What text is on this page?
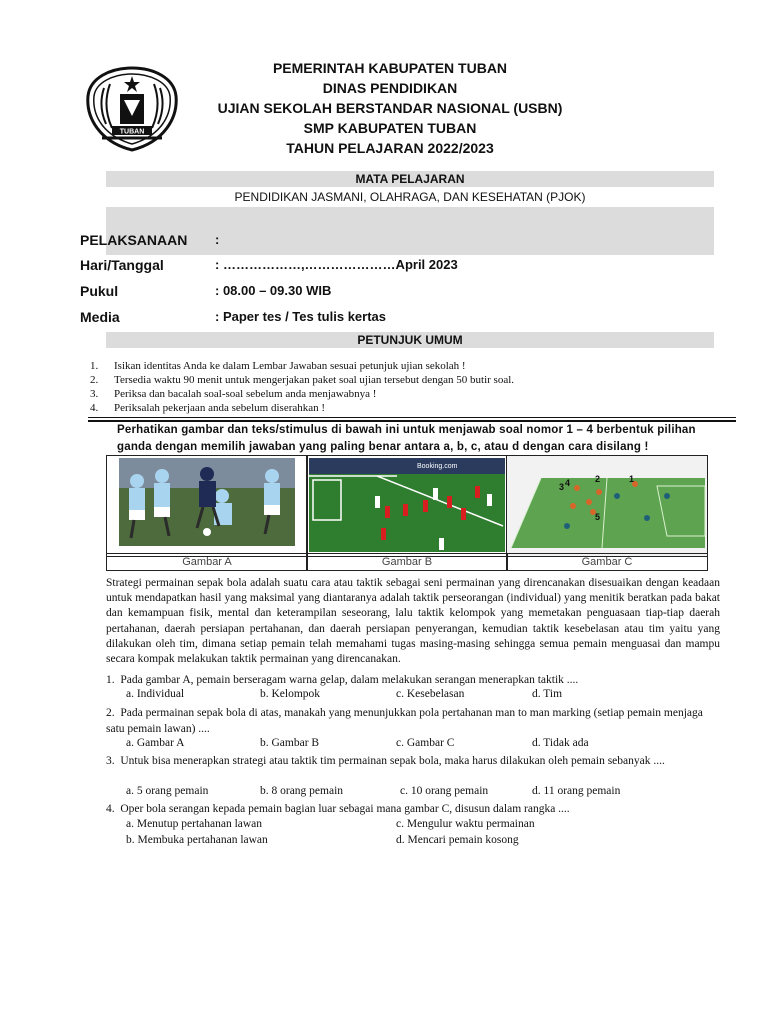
TUBAN
PEMERINTAH KABUPATEN TUBAN
DINAS PENDIDIKAN
UJIAN SEKOLAH BERSTANDAR NASIONAL (USBN)
SMP KABUPATEN TUBAN
TAHUN PELAJARAN 2022/2023
MATA PELAJARAN
PENDIDIKAN JASMANI, OLAHRAGA, DAN KESEHATAN (PJOK)
PELAKSANAAN :
Hari/Tanggal	: ………………,…………………April 2023
Pukul	: 08.00 – 09.30 WIB
Media	: Paper tes / Tes tulis kertas
PETUNJUK UMUM
1. Isikan identitas Anda ke dalam Lembar Jawaban sesuai petunjuk ujian sekolah !
2. Tersedia waktu 90 menit untuk mengerjakan paket soal ujian tersebut dengan 50 butir soal.
3. Periksa dan bacalah soal-soal sebelum anda menjawabnya !
4. Periksalah pekerjaan anda sebelum diserahkan !
Perhatikan gambar dan teks/stimulus di bawah ini untuk menjawab soal nomor 1 – 4 berbentuk pilihan ganda dengan memilih jawaban yang paling benar antara a, b, c, atau d dengan cara disilang !
Booking.com
1
2
3 4
5
Gambar A	Gambar B	Gambar C
Strategi permainan sepak bola adalah suatu cara atau taktik sebagai seni permainan yang direncanakan disesuaikan dengan keadaan untuk mendapatkan hasil yang maksimal yang diantaranya adalah taktik perseorangan (individual) yang menitik beratkan pada bakat dan kemampuan fisik, mental dan keterampilan seseorang, lalu taktik kelompok yang memetakan penguasaan tiap-tiap daerah pertahanan, daerah persiapan pertahanan, dan daerah persiapan penyerangan, kemudian taktik kesebelasan atau tim yaitu yang dilakukan oleh tim, dimana setiap pemain telah memahami tugas masing-masing sehingga semua pemain menguasai dan mampu secara kompak melakukan taktik permainan yang direncanakan.
1. Pada gambar A, pemain berseragam warna gelap, dalam melakukan serangan menerapkan taktik ....
a. Individual	b. Kelompok	c. Kesebelasan	d. Tim
2. Pada permainan sepak bola di atas, manakah yang menunjukkan pola pertahanan man to man marking (setiap pemain menjaga satu pemain lawan) ....
a. Gambar A	b. Gambar B	c. Gambar C	d. Tidak ada
3. Untuk bisa menerapkan strategi atau taktik tim permainan sepak bola, maka harus dilakukan oleh pemain sebanyak ....
a. 5 orang pemain	b. 8 orang pemain	c. 10 orang pemain	d. 11 orang pemain
4. Oper bola serangan kepada pemain bagian luar sebagai mana gambar C, disusun dalam rangka ....
a. Menutup pertahanan lawan	c. Mengulur waktu permainan
b. Membuka pertahanan lawan	d. Mencari pemain kosong
